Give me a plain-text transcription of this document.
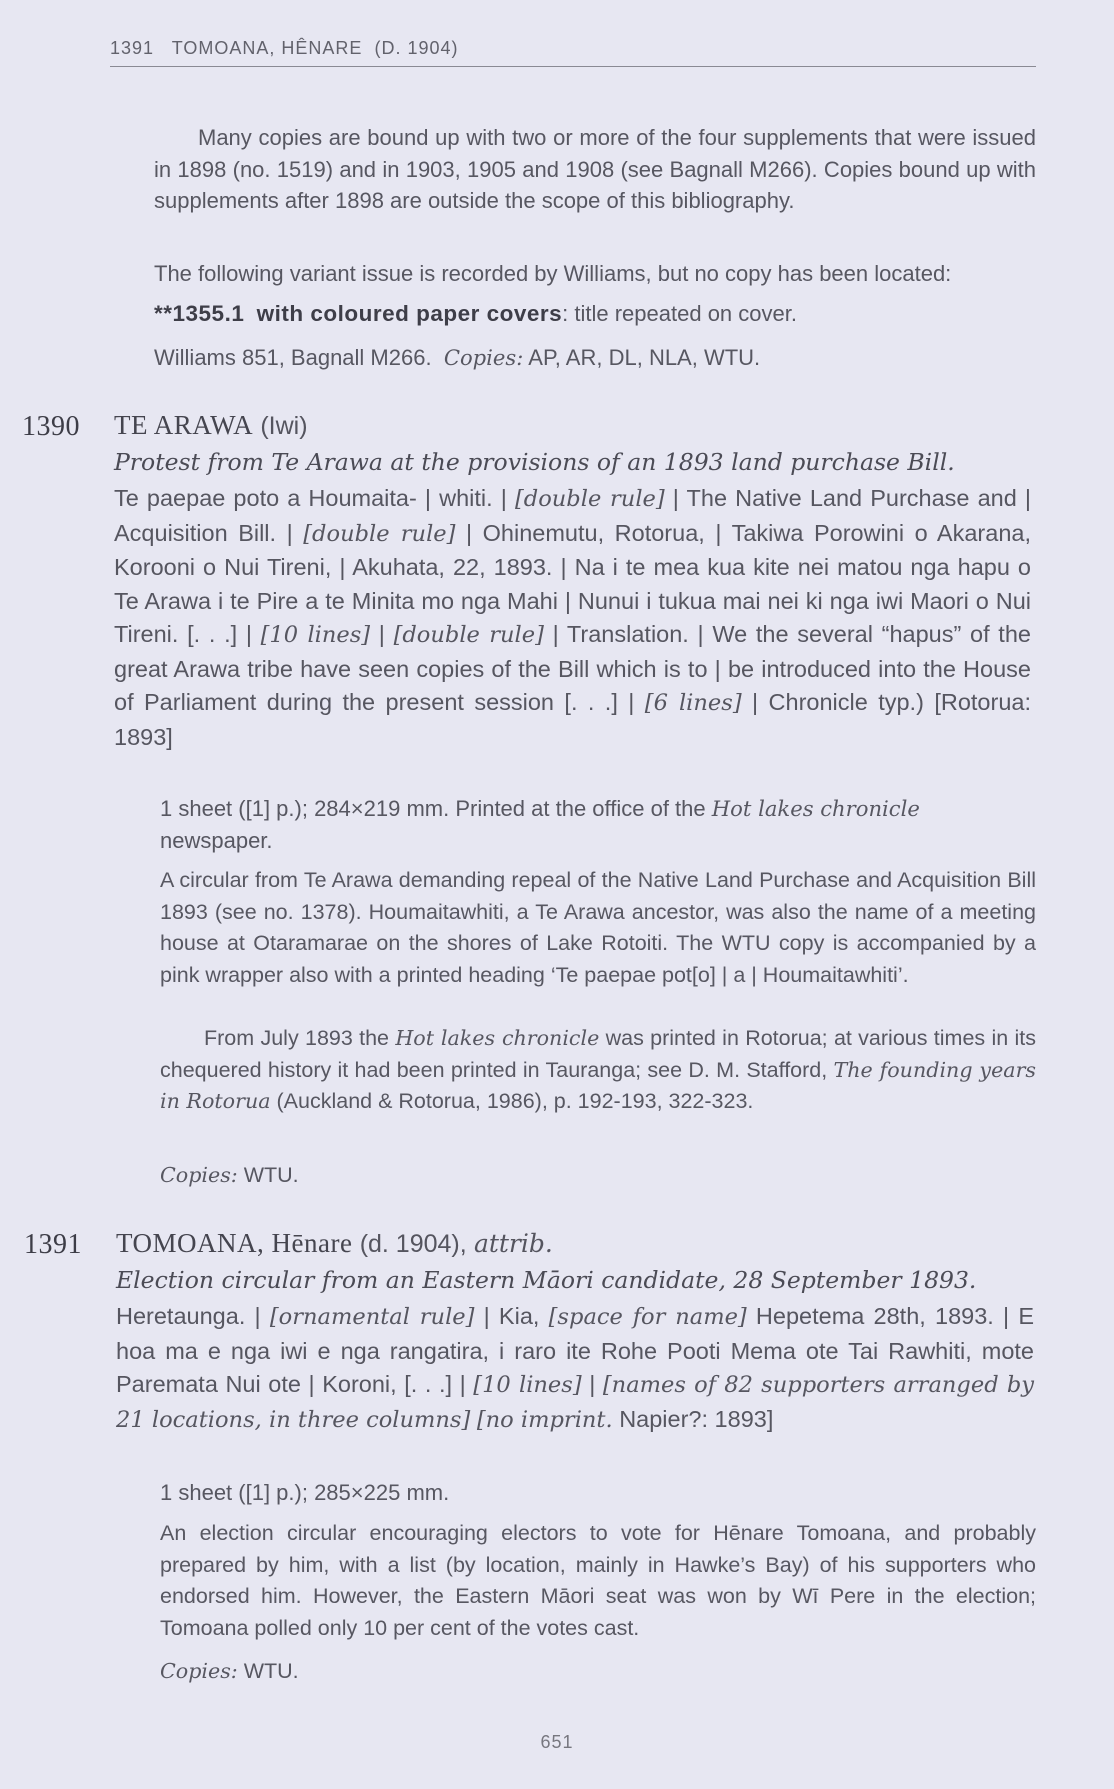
1391 TOMOANA, HÊNARE (D. 1904)

Many copies are bound up with two or more of the four supplements that were issued in 1898 (no. 1519) and in 1903, 1905 and 1908 (see Bagnall M266). Copies bound up with supplements after 1898 are outside the scope of this bibliography.

The following variant issue is recorded by Williams, but no copy has been located:

**1355.1 with coloured paper covers: title repeated on cover.

Williams 851, Bagnall M266. Copies: AP, AR, DL, NLA, WTU.

1390 TE ARAWA (Iwi)

Protest from Te Arawa at the provisions of an 1893 land purchase Bill.

Te paepae poto a Houmaita- | whiti. | [double rule] | The Native Land Purchase and | Acquisition Bill. | [double rule] | Ohinemutu, Rotorua, | Takiwa Porowini o Akarana, Korooni o Nui Tireni, | Akuhata, 22, 1893. | Na i te mea kua kite nei matou nga hapu o Te Arawa i te Pire a te Minita mo nga Mahi | Nunui i tukua mai nei ki nga iwi Maori o Nui Tireni. [. . .] | [10 lines] | [double rule] | Translation. | We the several “hapus” of the great Arawa tribe have seen copies of the Bill which is to | be introduced into the House of Parliament during the present session [. . .] | [6 lines] | Chronicle typ.) [Rotorua: 1893]

1 sheet ([1] p.); 284×219 mm. Printed at the office of the Hot lakes chronicle newspaper.

A circular from Te Arawa demanding repeal of the Native Land Purchase and Acquisition Bill 1893 (see no. 1378). Houmaitawhiti, a Te Arawa ancestor, was also the name of a meeting house at Otaramarae on the shores of Lake Rotoiti. The WTU copy is accompanied by a pink wrapper also with a printed heading ‘Te paepae pot[o] | a | Houmaitawhiti’.

From July 1893 the Hot lakes chronicle was printed in Rotorua; at various times in its chequered history it had been printed in Tauranga; see D. M. Stafford, The founding years in Rotorua (Auckland & Rotorua, 1986), p. 192-193, 322-323.

Copies: WTU.

1391 TOMOANA, Hēnare (d. 1904), attrib.

Election circular from an Eastern Māori candidate, 28 September 1893.

Heretaunga. | [ornamental rule] | Kia, [space for name] Hepetema 28th, 1893. | E hoa ma e nga iwi e nga rangatira, i raro ite Rohe Pooti Mema ote Tai Rawhiti, mote Paremata Nui ote | Koroni, [. . .] | [10 lines] | [names of 82 supporters arranged by 21 locations, in three columns] [no imprint. Napier?: 1893]

1 sheet ([1] p.); 285×225 mm.

An election circular encouraging electors to vote for Hēnare Tomoana, and probably prepared by him, with a list (by location, mainly in Hawke’s Bay) of his supporters who endorsed him. However, the Eastern Māori seat was won by Wī Pere in the election; Tomoana polled only 10 per cent of the votes cast.

Copies: WTU.

651
